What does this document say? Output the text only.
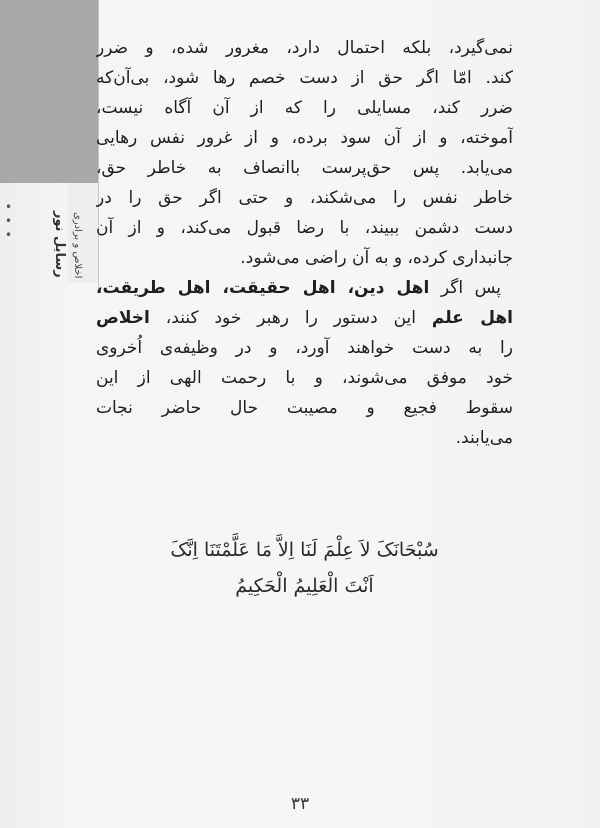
رسایل نور اخلاص و برادری
• • •
نمی‌گیرد، بلکه احتمال دارد، مغرور شده، و ضرر
کند. امّا اگر حق از دست خصم رها شود، بی‌آن‌که
ضرر کند، مسایلی را که از آن آگاه نیست،
آموخته، و از آن سود برده، و از غرور نفس رهایی
می‌یابد. پس حق‌پرست باانصاف به خاطر حق،
خاطر نفس را می‌شکند، و حتی اگر حق را در
دست دشمن ببیند، با رضا قبول می‌کند، و از آن
جانبداری کرده، و به آن راضی می‌شود.
پس اگر اهل دین، اهل حقیقت، اهل طریقت،
اهل علم این دستور را رهبر خود کنند، اخلاص
را به دست خواهند آورد، و در وظیفه‌ی اُخروی
خود موفق می‌شوند، و با رحمت الهی از این
سقوط فجیع و مصیبت حال حاضر نجات
می‌یابند.
سُبْحَانَکَ لاَ عِلْمَ لَنَا اِلاَّ مَا عَلَّمْتَنَا اِنَّکَ
اَنْتَ الْعَلِیمُ الْحَکِیمُ
۳۳
